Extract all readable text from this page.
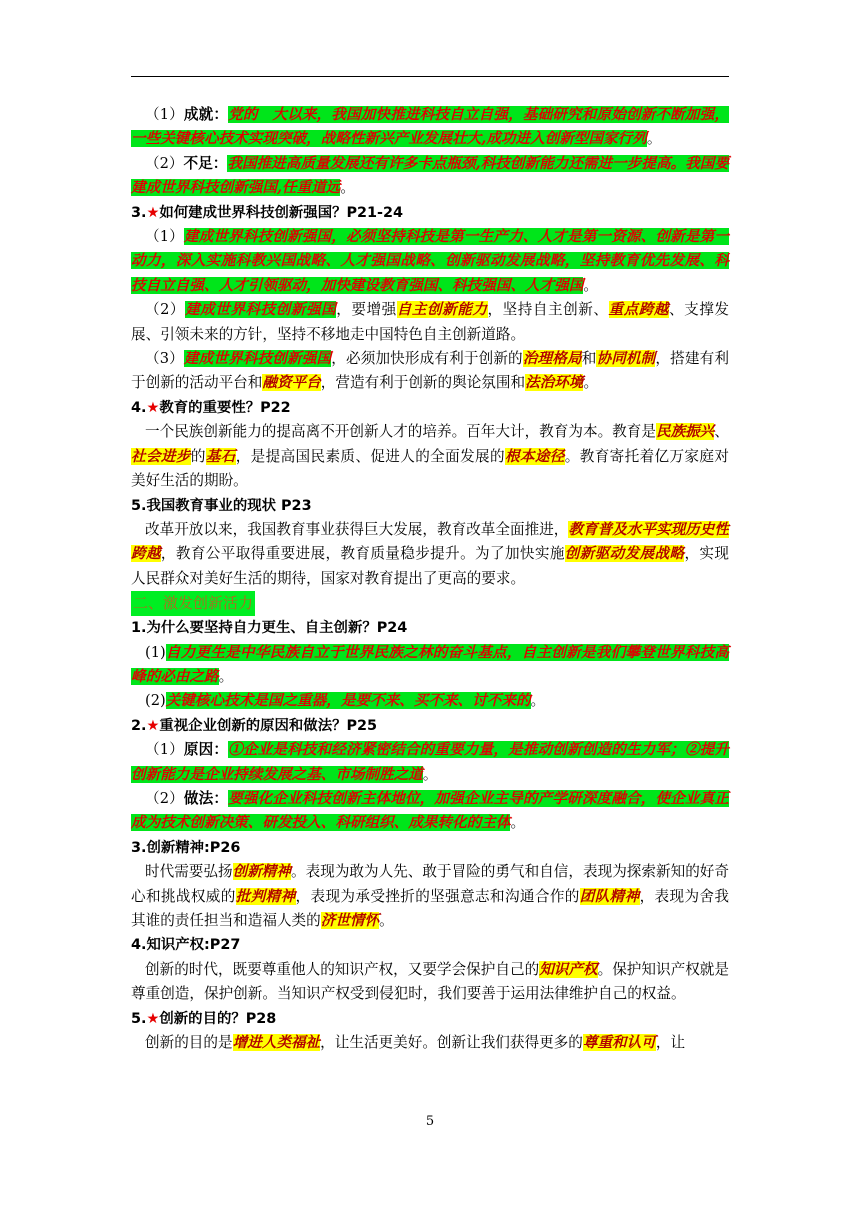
（1）成就：党的　大以来，我国加快推进科技自立自强，基础研究和原始创新不断加强，一些关键核心技术实现突破，战略性新兴产业发展壮大,成功进入创新型国家行列。

（2）不足：我国推进高质量发展还有许多卡点瓶颈,科技创新能力还需进一步提高。我国要建成世界科技创新强国,任重道远。

3.★如何建成世界科技创新强国？P21-24

（1）建成世界科技创新强国，必须坚持科技是第一生产力、人才是第一资源、创新是第一动力，深入实施科教兴国战略、人才强国战略、创新驱动发展战略，坚持教育优先发展、科技自立自强、人才引领驱动，加快建设教育强国、科技强国、人才强国。

（2）建成世界科技创新强国，要增强自主创新能力，坚持自主创新、重点跨越、支撑发展、引领未来的方针，坚持不移地走中国特色自主创新道路。

（3）建成世界科技创新强国，必须加快形成有利于创新的治理格局和协同机制，搭建有利于创新的活动平台和融资平台，营造有利于创新的舆论氛围和法治环境。

4.★教育的重要性？P22

一个民族创新能力的提高离不开创新人才的培养。百年大计，教育为本。教育是民族振兴、社会进步的基石，是提高国民素质、促进人的全面发展的根本途径。教育寄托着亿万家庭对美好生活的期盼。

5.我国教育事业的现状 P23

改革开放以来，我国教育事业获得巨大发展，教育改革全面推进，教育普及水平实现历史性跨越，教育公平取得重要进展，教育质量稳步提升。为了加快实施创新驱动发展战略，实现人民群众对美好生活的期待，国家对教育提出了更高的要求。

二、激发创新活力

1.为什么要坚持自力更生、自主创新？P24

(1)自力更生是中华民族自立于世界民族之林的奋斗基点，自主创新是我们攀登世界科技高峰的必由之路。

(2)关键核心技术是国之重器，是要不来、买不来、讨不来的。

2.★重视企业创新的原因和做法？P25

（1）原因：①企业是科技和经济紧密结合的重要力量，是推动创新创造的生力军；②提升创新能力是企业持续发展之基、市场制胜之道。

（2）做法：要强化企业科技创新主体地位，加强企业主导的产学研深度融合，使企业真正成为技术创新决策、研发投入、科研组织、成果转化的主体。

3.创新精神:P26

时代需要弘扬创新精神。表现为敢为人先、敢于冒险的勇气和自信，表现为探索新知的好奇心和挑战权威的批判精神，表现为承受挫折的坚强意志和沟通合作的团队精神，表现为舍我其谁的责任担当和造福人类的济世情怀。

4.知识产权:P27

创新的时代，既要尊重他人的知识产权，又要学会保护自己的知识产权。保护知识产权就是尊重创造，保护创新。当知识产权受到侵犯时，我们要善于运用法律维护自己的权益。

5.★创新的目的？P28

创新的目的是增进人类福祉，让生活更美好。创新让我们获得更多的尊重和认可，让

5
